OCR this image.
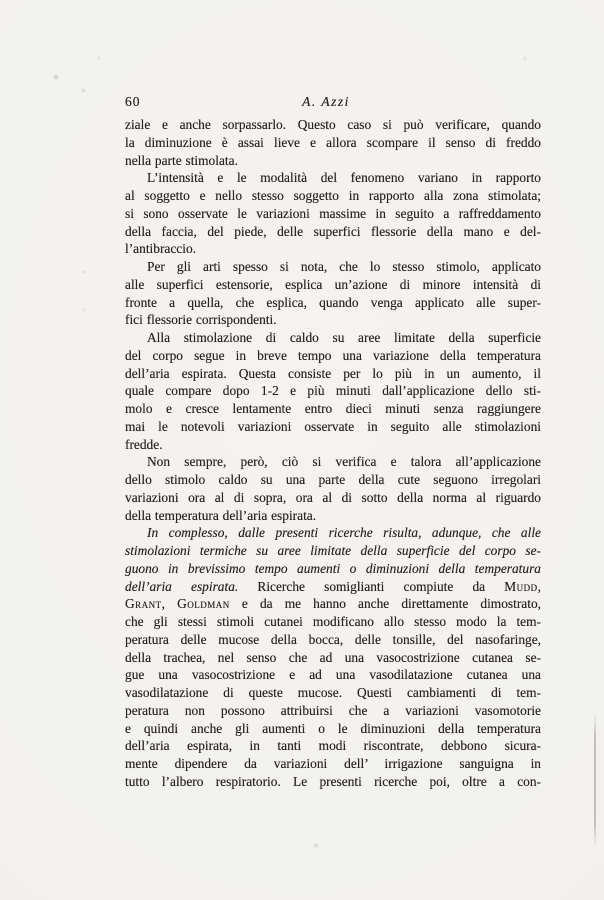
60	A. Azzi
ziale e anche sorpassarlo. Questo caso si può verificare, quando
la diminuzione è assai lieve e allora scompare il senso di freddo
nella parte stimolata.
L’intensità e le modalità del fenomeno variano in rapporto
al soggetto e nello stesso soggetto in rapporto alla zona stimolata;
si sono osservate le variazioni massime in seguito a raffreddamento
della faccia, del piede, delle superfici flessorie della mano e del-
l’antibraccio.
Per gli arti spesso si nota, che lo stesso stimolo, applicato
alle superfici estensorie, esplica un’azione di minore intensità di
fronte a quella, che esplica, quando venga applicato alle super-
fici flessorie corrispondenti.
Alla stimolazione di caldo su aree limitate della superficie
del corpo segue in breve tempo una variazione della temperatura
dell’aria espirata. Questa consiste per lo più in un aumento, il
quale compare dopo 1-2 e più minuti dall’applicazione dello sti-
molo e cresce lentamente entro dieci minuti senza raggiungere
mai le notevoli variazioni osservate in seguito alle stimolazioni
fredde.
Non sempre, però, ciò si verifica e talora all’applicazione
dello stimolo caldo su una parte della cute seguono irregolari
variazioni ora al di sopra, ora al di sotto della norma al riguardo
della temperatura dell’aria espirata.
In complesso, dalle presenti ricerche risulta, adunque, che alle
stimolazioni termiche su aree limitate della superficie del corpo se-
guono in brevissimo tempo aumenti o diminuzioni della temperatura
dell’aria espirata. Ricerche somiglianti compiute da Mudd,
Grant, Goldman e da me hanno anche direttamente dimostrato,
che gli stessi stimoli cutanei modificano allo stesso modo la tem-
peratura delle mucose della bocca, delle tonsille, del nasofaringe,
della trachea, nel senso che ad una vasocostrizione cutanea se-
gue una vasocostrizione e ad una vasodilatazione cutanea una
vasodilatazione di queste mucose. Questi cambiamenti di tem-
peratura non possono attribuirsi che a variazioni vasomotorie
e quindi anche gli aumenti o le diminuzioni della temperatura
dell’aria espirata, in tanti modi riscontrate, debbono sicura-
mente dipendere da variazioni dell’ irrigazione sanguigna in
tutto l’albero respiratorio. Le presenti ricerche poi, oltre a con-
